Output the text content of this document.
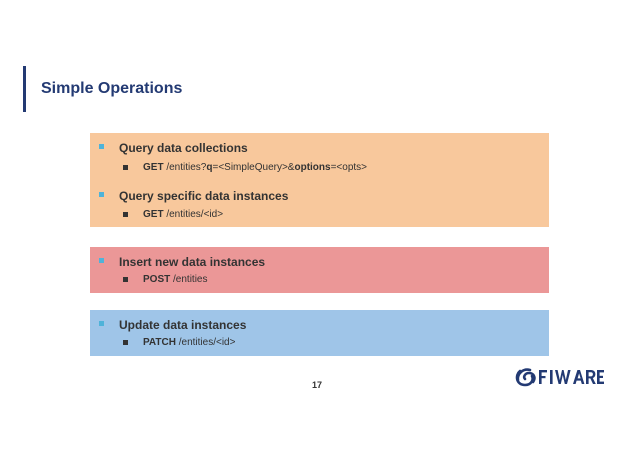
Simple Operations
Query data collections
GET /entities?q=<SimpleQuery>&options=<opts>
Query specific data instances
GET /entities/<id>
Insert new data instances
POST /entities
Update data instances
PATCH /entities/<id>
17
